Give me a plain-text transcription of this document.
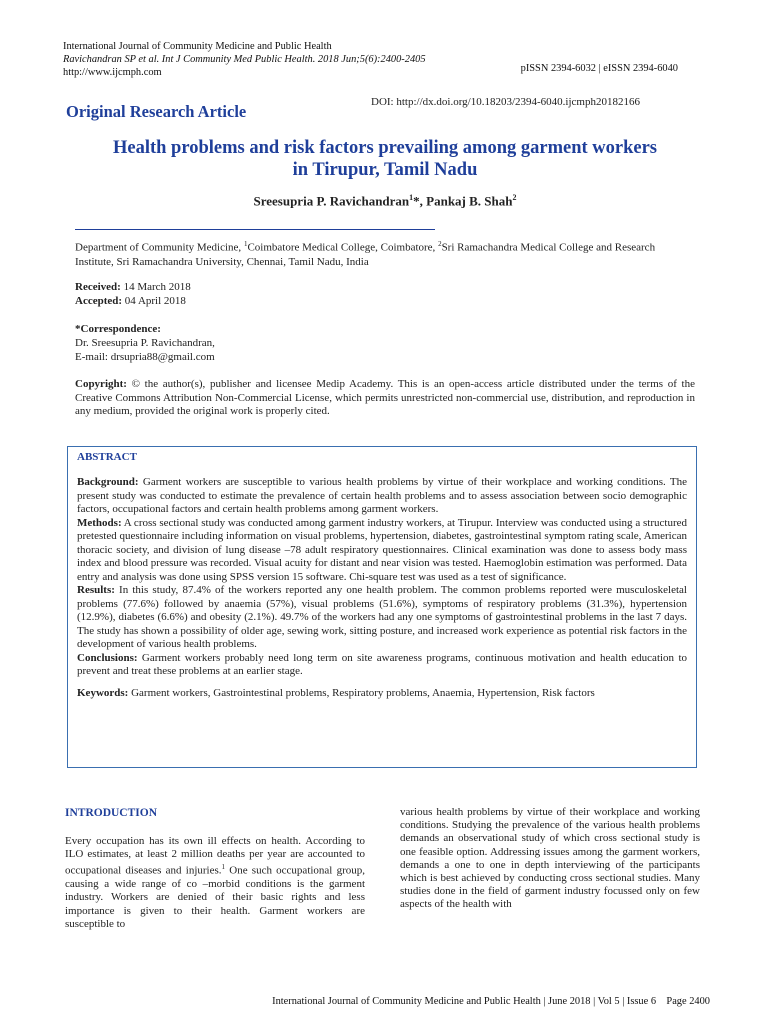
International Journal of Community Medicine and Public Health
Ravichandran SP et al. Int J Community Med Public Health. 2018 Jun;5(6):2400-2405
http://www.ijcmph.com	pISSN 2394-6032 | eISSN 2394-6040
Original Research Article	DOI: http://dx.doi.org/10.18203/2394-6040.ijcmph20182166
Health problems and risk factors prevailing among garment workers in Tirupur, Tamil Nadu
Sreesupria P. Ravichandran$^1$*, Pankaj B. Shah$^2$
Department of Community Medicine, $^1$Coimbatore Medical College, Coimbatore, $^2$Sri Ramachandra Medical College and Research Institute, Sri Ramachandra University, Chennai, Tamil Nadu, India
Received: 14 March 2018
Accepted: 04 April 2018
*Correspondence:
Dr. Sreesupria P. Ravichandran,
E-mail: drsupria88@gmail.com
Copyright: © the author(s), publisher and licensee Medip Academy. This is an open-access article distributed under the terms of the Creative Commons Attribution Non-Commercial License, which permits unrestricted non-commercial use, distribution, and reproduction in any medium, provided the original work is properly cited.
ABSTRACT

Background: Garment workers are susceptible to various health problems by virtue of their workplace and working conditions. The present study was conducted to estimate the prevalence of certain health problems and to assess association between socio demographic factors, occupational factors and certain health problems among garment workers.

Methods: A cross sectional study was conducted among garment industry workers, at Tirupur. Interview was conducted using a structured pretested questionnaire including information on visual problems, hypertension, diabetes, gastrointestinal symptom rating scale, American thoracic society, and division of lung disease –78 adult respiratory questionnaires. Clinical examination was done to assess body mass index and blood pressure was recorded. Visual acuity for distant and near vision was tested. Haemoglobin estimation was performed. Data entry and analysis was done using SPSS version 15 software. Chi-square test was used as a test of significance.

Results: In this study, 87.4% of the workers reported any one health problem. The common problems reported were musculoskeletal problems (77.6%) followed by anaemia (57%), visual problems (51.6%), symptoms of respiratory problems (31.3%), hypertension (12.9%), diabetes (6.6%) and obesity (2.1%). 49.7% of the workers had any one symptoms of gastrointestinal problems in the last 7 days. The study has shown a possibility of older age, sewing work, sitting posture, and increased work experience as potential risk factors in the development of various health problems.

Conclusions: Garment workers probably need long term on site awareness programs, continuous motivation and health education to prevent and treat these problems at an earlier stage.

Keywords: Garment workers, Gastrointestinal problems, Respiratory problems, Anaemia, Hypertension, Risk factors

INTRODUCTION
Every occupation has its own ill effects on health. According to ILO estimates, at least 2 million deaths per year are accounted to occupational diseases and injuries.$^1$ One such occupational group, causing a wide range of co –morbid conditions is the garment industry. Workers are denied of their basic rights and less importance is given to their health. Garment workers are susceptible to
various health problems by virtue of their workplace and working conditions. Studying the prevalence of the various health problems demands an observational study of which cross sectional study is one feasible option. Addressing issues among the garment workers, demands a one to one in depth interviewing of the participants which is best achieved by conducting cross sectional studies. Many studies done in the field of garment industry focussed only on few aspects of the health with
International Journal of Community Medicine and Public Health | June 2018 | Vol 5 | Issue 6    Page 2400
